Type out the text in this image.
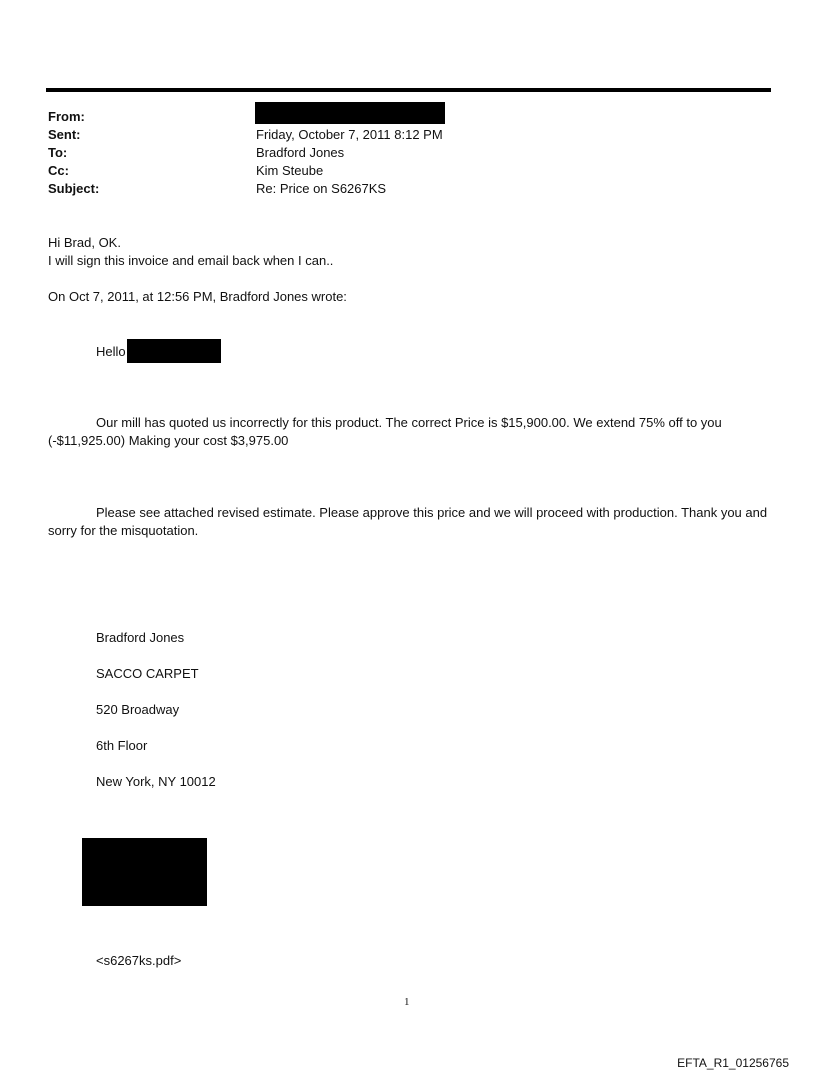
From:
Sent:	Friday, October 7, 2011 8:12 PM
To:	Bradford Jones
Cc:	Kim Steube
Subject:	Re: Price on S6267KS
Hi Brad, OK.
I will sign this invoice and email back when I can..
On Oct 7, 2011, at 12:56 PM, Bradford Jones wrote:
Hello
Our mill has quoted us incorrectly for this product. The correct Price is $15,900.00. We extend 75% off to you (-$11,925.00) Making your cost $3,975.00
Please see attached revised estimate. Please approve this price and we will proceed with production. Thank you and sorry for the misquotation.
Bradford Jones
SACCO CARPET
520 Broadway
6th Floor
New York, NY 10012
<s6267ks.pdf>
1
EFTA_R1_01256765
